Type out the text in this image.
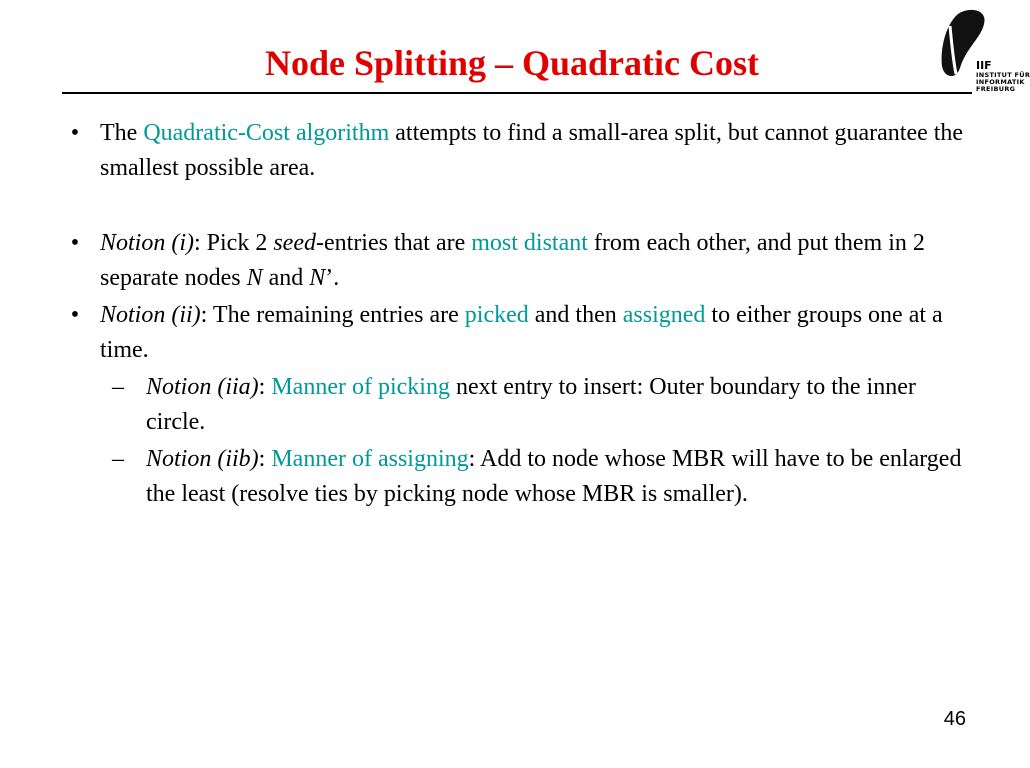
Node Splitting – Quadratic Cost	IIF
INSTITUT FÜR
INFORMATIK
FREIBURG
• The Quadratic-Cost algorithm attempts to find a small-area split, but cannot guarantee the smallest possible area.
• Notion (i): Pick 2 seed-entries that are most distant from each other, and put them in 2 separate nodes N and N’.
• Notion (ii): The remaining entries are picked and then assigned to either groups one at a time.
– Notion (iia): Manner of picking next entry to insert: Outer boundary to the inner circle.
– Notion (iib): Manner of assigning: Add to node whose MBR will have to be enlarged the least (resolve ties by picking node whose MBR is smaller).
46
